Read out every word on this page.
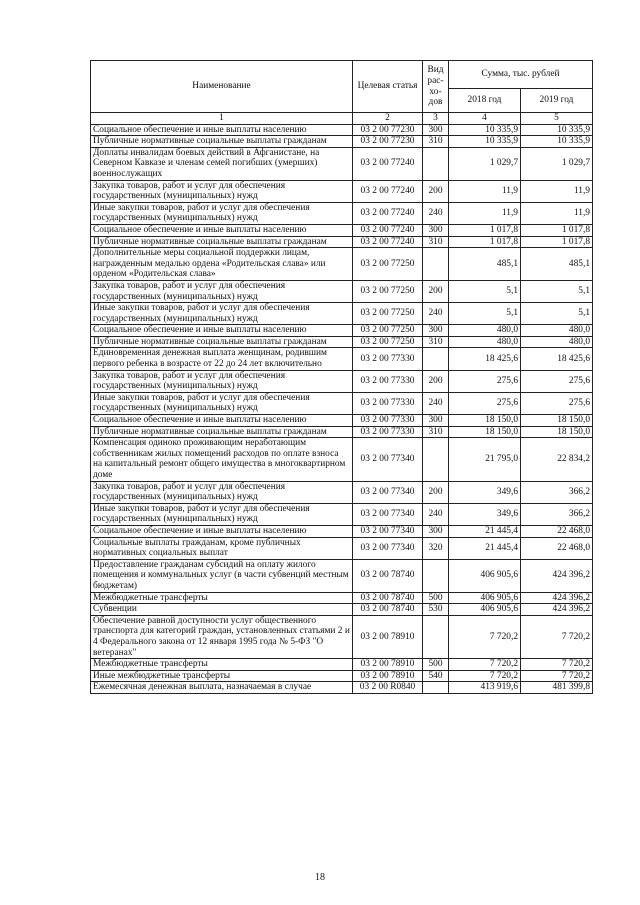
Наименование	Целевая статья	Вид рас-хо-дов	Сумма, тыс. рублей	
			2018 год	2019 год
1	2	3	4	5
Социальное обеспечение и иные выплаты населению	03 2 00 77230	300	10 335,9	10 335,9
Публичные нормативные социальные выплаты гражданам	03 2 00 77230	310	10 335,9	10 335,9
Доплаты инвалидам боевых действий в Афганистане, на Северном Кавказе и членам семей погибших (умерших) военнослужащих	03 2 00 77240		1 029,7	1 029,7
Закупка товаров, работ и услуг для обеспечения государственных (муниципальных) нужд	03 2 00 77240	200	11,9	11,9
Иные закупки товаров, работ и услуг для обеспечения государственных (муниципальных) нужд	03 2 00 77240	240	11,9	11,9
Социальное обеспечение и иные выплаты населению	03 2 00 77240	300	1 017,8	1 017,8
Публичные нормативные социальные выплаты гражданам	03 2 00 77240	310	1 017,8	1 017,8
Дополнительные меры социальной поддержки лицам, награжденным медалью ордена «Родительская слава» или орденом «Родительская слава»	03 2 00 77250		485,1	485,1
Закупка товаров, работ и услуг для обеспечения государственных (муниципальных) нужд	03 2 00 77250	200	5,1	5,1
Иные закупки товаров, работ и услуг для обеспечения государственных (муниципальных) нужд	03 2 00 77250	240	5,1	5,1
Социальное обеспечение и иные выплаты населению	03 2 00 77250	300	480,0	480,0
Публичные нормативные социальные выплаты гражданам	03 2 00 77250	310	480,0	480,0
Единовременная денежная выплата женщинам, родившим первого ребенка в возрасте от 22 до 24 лет включительно	03 2 00 77330		18 425,6	18 425,6
Закупка товаров, работ и услуг для обеспечения государственных (муниципальных) нужд	03 2 00 77330	200	275,6	275,6
Иные закупки товаров, работ и услуг для обеспечения государственных (муниципальных) нужд	03 2 00 77330	240	275,6	275,6
Социальное обеспечение и иные выплаты населению	03 2 00 77330	300	18 150,0	18 150,0
Публичные нормативные социальные выплаты гражданам	03 2 00 77330	310	18 150,0	18 150,0
Компенсация одиноко проживающим неработающим собственникам жилых помещений расходов по оплате взноса на капитальный ремонт общего имущества в многоквартирном доме	03 2 00 77340		21 795,0	22 834,2
Закупка товаров, работ и услуг для обеспечения государственных (муниципальных) нужд	03 2 00 77340	200	349,6	366,2
Иные закупки товаров, работ и услуг для обеспечения государственных (муниципальных) нужд	03 2 00 77340	240	349,6	366,2
Социальное обеспечение и иные выплаты населению	03 2 00 77340	300	21 445,4	22 468,0
Социальные выплаты гражданам, кроме публичных нормативных социальных выплат	03 2 00 77340	320	21 445,4	22 468,0
Предоставление гражданам субсидий на оплату жилого помещения и коммунальных услуг (в части субвенций местным бюджетам)	03 2 00 78740		406 905,6	424 396,2
Межбюджетные трансферты	03 2 00 78740	500	406 905,6	424 396,2
Субвенции	03 2 00 78740	530	406 905,6	424 396,2
Обеспечение равной доступности услуг общественного транспорта для категорий граждан, установленных статьями 2 и 4 Федерального закона от 12 января 1995 года № 5-ФЗ "О ветеранах"	03 2 00 78910		7 720,2	7 720,2
Межбюджетные трансферты	03 2 00 78910	500	7 720,2	7 720,2
Иные межбюджетные трансферты	03 2 00 78910	540	7 720,2	7 720,2
Ежемесячная денежная выплата, назначаемая в случае	03 2 00 R0840		413 919,6	481 399,8
18
